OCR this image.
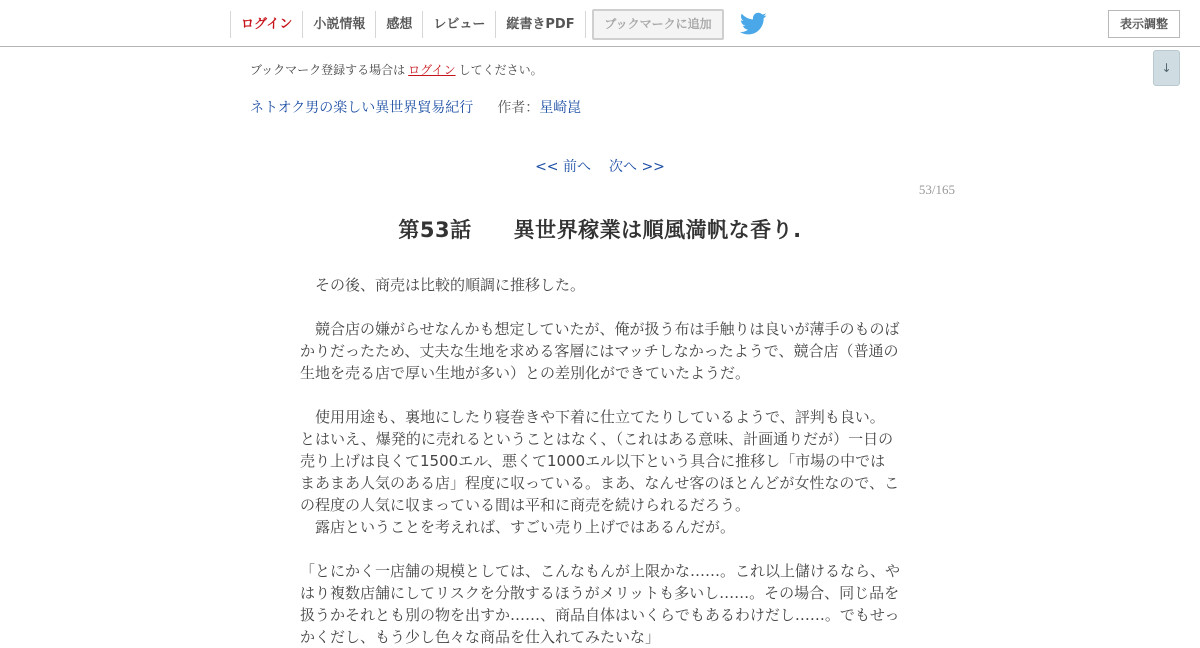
ログイン	小説情報	感想	レビュー	縦書きPDF	ブックマークに追加	表示調整
↓
ブックマーク登録する場合は ログイン してください。
ネトオク男の楽しい異世界貿易紀行 作者：星崎崑
<< 前へ 次へ >>
53/165
第53話 異世界稼業は順風満帆な香り.

　その後、商売は比較的順調に推移した。

　競合店の嫌がらせなんかも想定していたが、俺が扱う布は手触りは良いが薄手のものばかりだったため、丈夫な生地を求める客層にはマッチしなかったようで、競合店（普通の生地を売る店で厚い生地が多い）との差別化ができていたようだ。

　使用用途も、裏地にしたり寝巻きや下着に仕立てたりしているようで、評判も良い。

とはいえ、爆発的に売れるということはなく、（これはある意味、計画通りだが）一日の売り上げは良くて1500エル、悪くて1000エル以下という具合に推移し「市場の中ではまあまあ人気のある店」程度に収っている。まあ、なんせ客のほとんどが女性なので、この程度の人気に収まっている間は平和に商売を続けられるだろう。

　露店ということを考えれば、すごい売り上げではあるんだが。

「とにかく一店舗の規模としては、こんなもんが上限かな……。これ以上儲けるなら、やはり複数店舗にしてリスクを分散するほうがメリットも多いし……。その場合、同じ品を扱うかそれとも別の物を出すか……、商品自体はいくらでもあるわけだし……。でもせっかくだし、もう少し色々な商品を仕入れてみたいな」
